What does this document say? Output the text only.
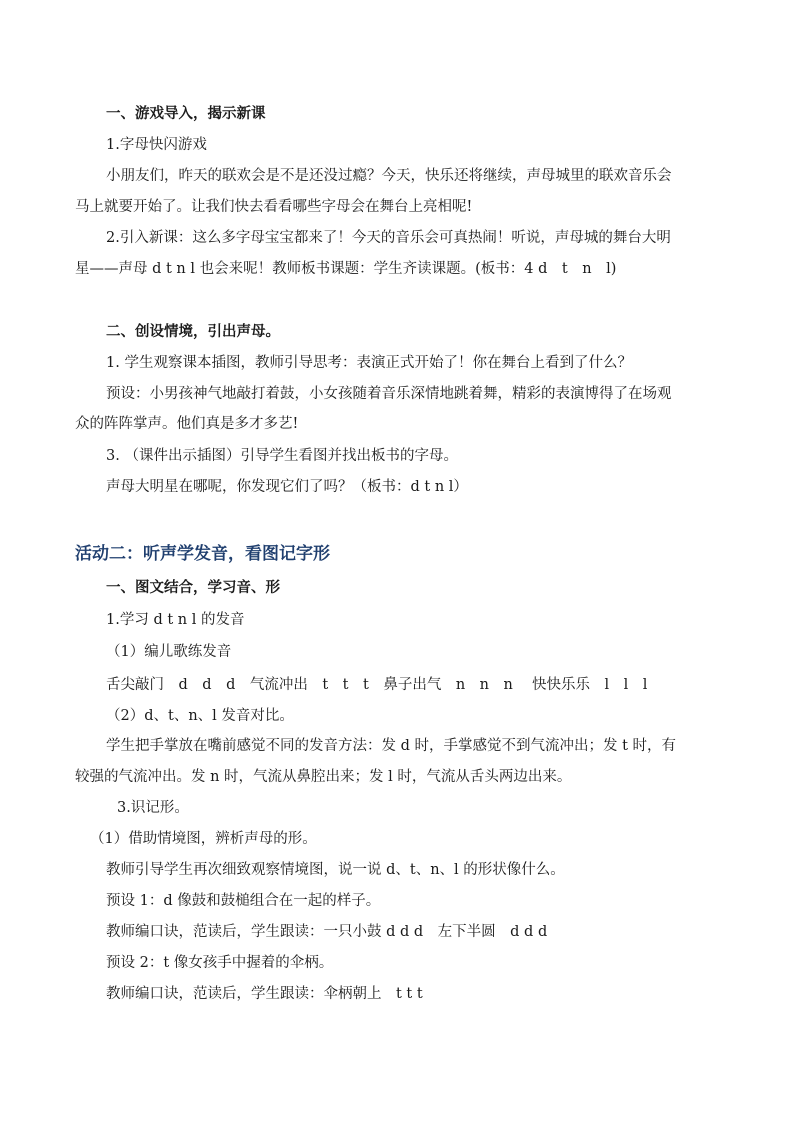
一、游戏导入，揭示新课
1.字母快闪游戏
小朋友们，昨天的联欢会是不是还没过瘾？今天，快乐还将继续，声母城里的联欢音乐会
马上就要开始了。让我们快去看看哪些字母会在舞台上亮相呢!
2.引入新课：这么多字母宝宝都来了！今天的音乐会可真热闹！听说，声母城的舞台大明
星——声母 d t n l 也会来呢！教师板书课题：学生齐读课题。(板书：4 d　t　n　l)
二、创设情境，引出声母。
1. 学生观察课本插图，教师引导思考：表演正式开始了！你在舞台上看到了什么？
预设：小男孩神气地敲打着鼓，小女孩随着音乐深情地跳着舞，精彩的表演博得了在场观
众的阵阵掌声。他们真是多才多艺!
3. （课件出示插图）引导学生看图并找出板书的字母。
声母大明星在哪呢，你发现它们了吗？（板书：d t n l）
活动二：听声学发音，看图记字形
一、图文结合，学习音、形
1.学习 d t n l 的发音
（1）编儿歌练发音
舌尖敲门　d　d　d　气流冲出　t　t　t　鼻子出气　n　n　n　 快快乐乐　l　l　l
（2）d、t、n、l 发音对比。
学生把手掌放在嘴前感觉不同的发音方法：发 d 时，手掌感觉不到气流冲出；发 t 时，有
较强的气流冲出。发 n 时，气流从鼻腔出来；发 l 时，气流从舌头两边出来。
3.识记形。
（1）借助情境图，辨析声母的形。
教师引导学生再次细致观察情境图，说一说 d、t、n、l 的形状像什么。
预设 1：d 像鼓和鼓槌组合在一起的样子。
教师编口诀，范读后，学生跟读：一只小鼓 d d d　左下半圆　d d d
预设 2：t 像女孩手中握着的伞柄。
教师编口诀，范读后，学生跟读：伞柄朝上　t t t
